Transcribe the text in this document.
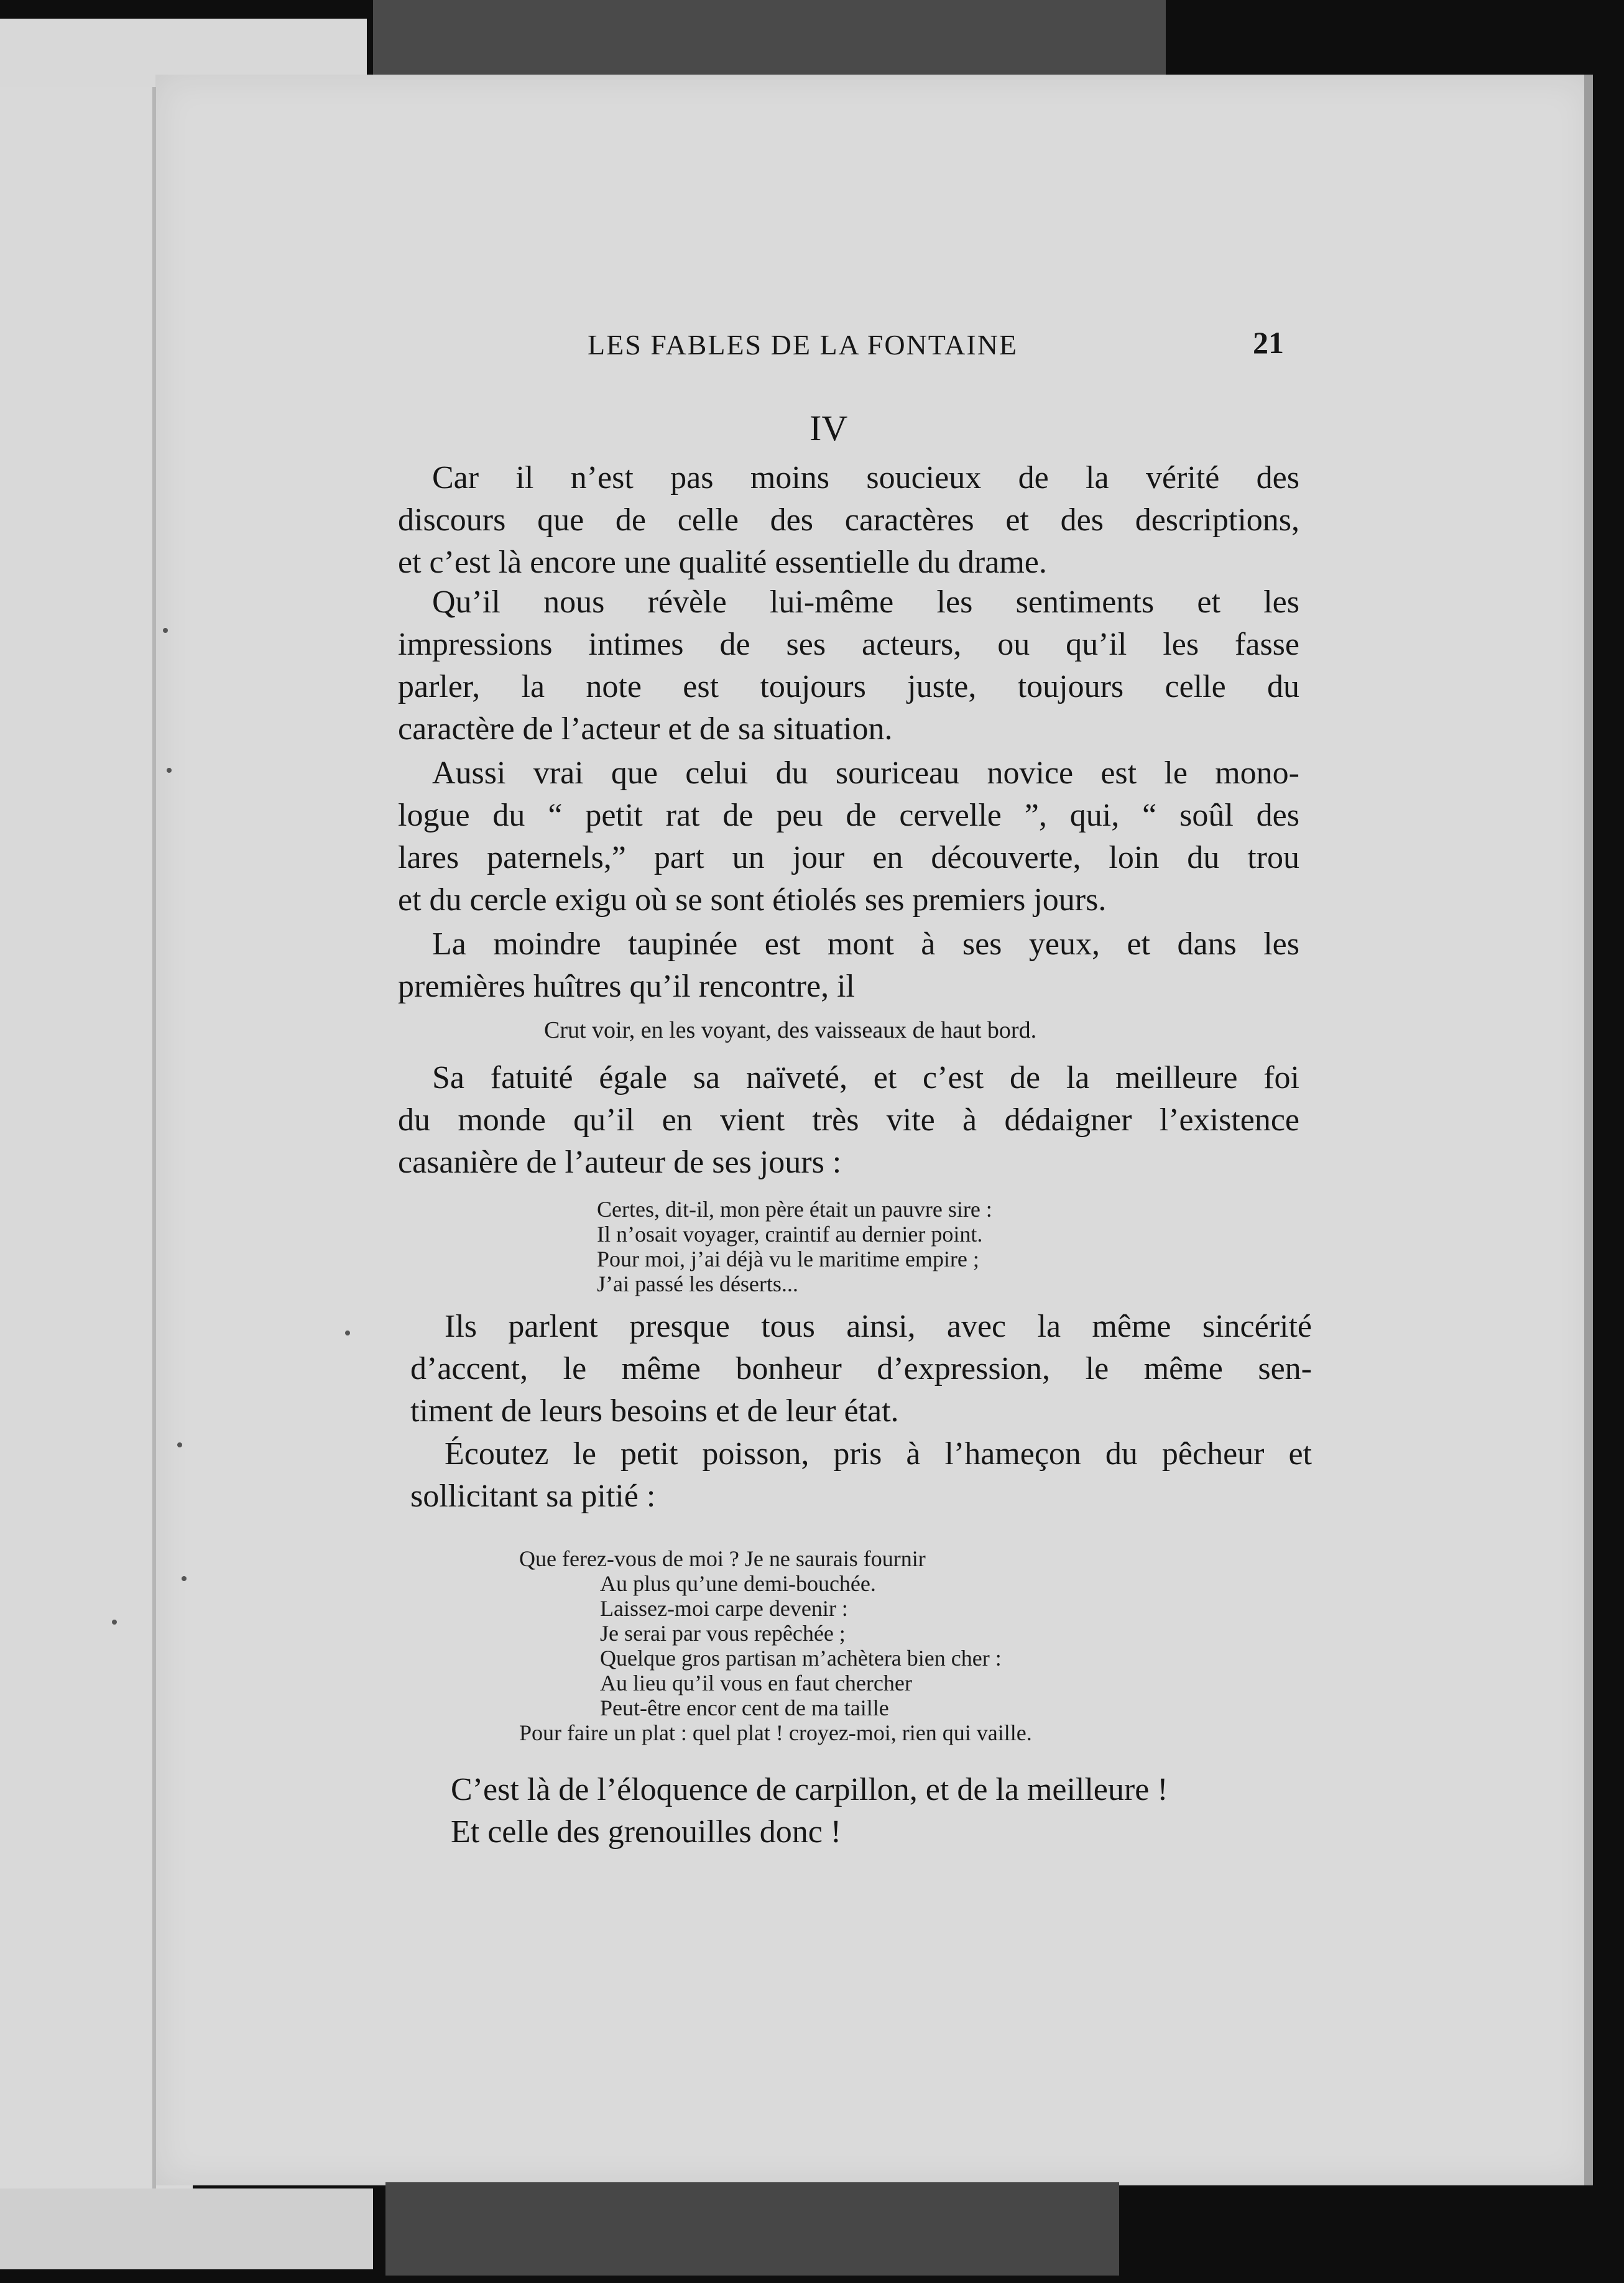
LES FABLES DE LA FONTAINE	21
IV
Car il n’est pas moins soucieux de la vérité des
discours que de celle des caractères et des descriptions,
et c’est là encore une qualité essentielle du drame.
Qu’il nous révèle lui-même les sentiments et les
impressions intimes de ses acteurs, ou qu’il les fasse
parler, la note est toujours juste, toujours celle du
caractère de l’acteur et de sa situation.
Aussi vrai que celui du souriceau novice est le mono-
logue du “ petit rat de peu de cervelle ”, qui, “ soûl des
lares paternels,” part un jour en découverte, loin du trou
et du cercle exigu où se sont étiolés ses premiers jours.
La moindre taupinée est mont à ses yeux, et dans les
premières huîtres qu’il rencontre, il
Crut voir, en les voyant, des vaisseaux de haut bord.
Sa fatuité égale sa naïveté, et c’est de la meilleure foi
du monde qu’il en vient très vite à dédaigner l’existence
casanière de l’auteur de ses jours :
Certes, dit-il, mon père était un pauvre sire :
Il n’osait voyager, craintif au dernier point.
Pour moi, j’ai déjà vu le maritime empire ;
J’ai passé les déserts...
Ils parlent presque tous ainsi, avec la même sincérité
d’accent, le même bonheur d’expression, le même sen-
timent de leurs besoins et de leur état.
Écoutez le petit poisson, pris à l’hameçon du pêcheur et
sollicitant sa pitié :
Que ferez-vous de moi ? Je ne saurais fournir
Au plus qu’une demi-bouchée.
Laissez-moi carpe devenir :
Je serai par vous repêchée ;
Quelque gros partisan m’achètera bien cher :
Au lieu qu’il vous en faut chercher
Peut-être encor cent de ma taille
Pour faire un plat : quel plat ! croyez-moi, rien qui vaille.
C’est là de l’éloquence de carpillon, et de la meilleure !
Et celle des grenouilles donc !
